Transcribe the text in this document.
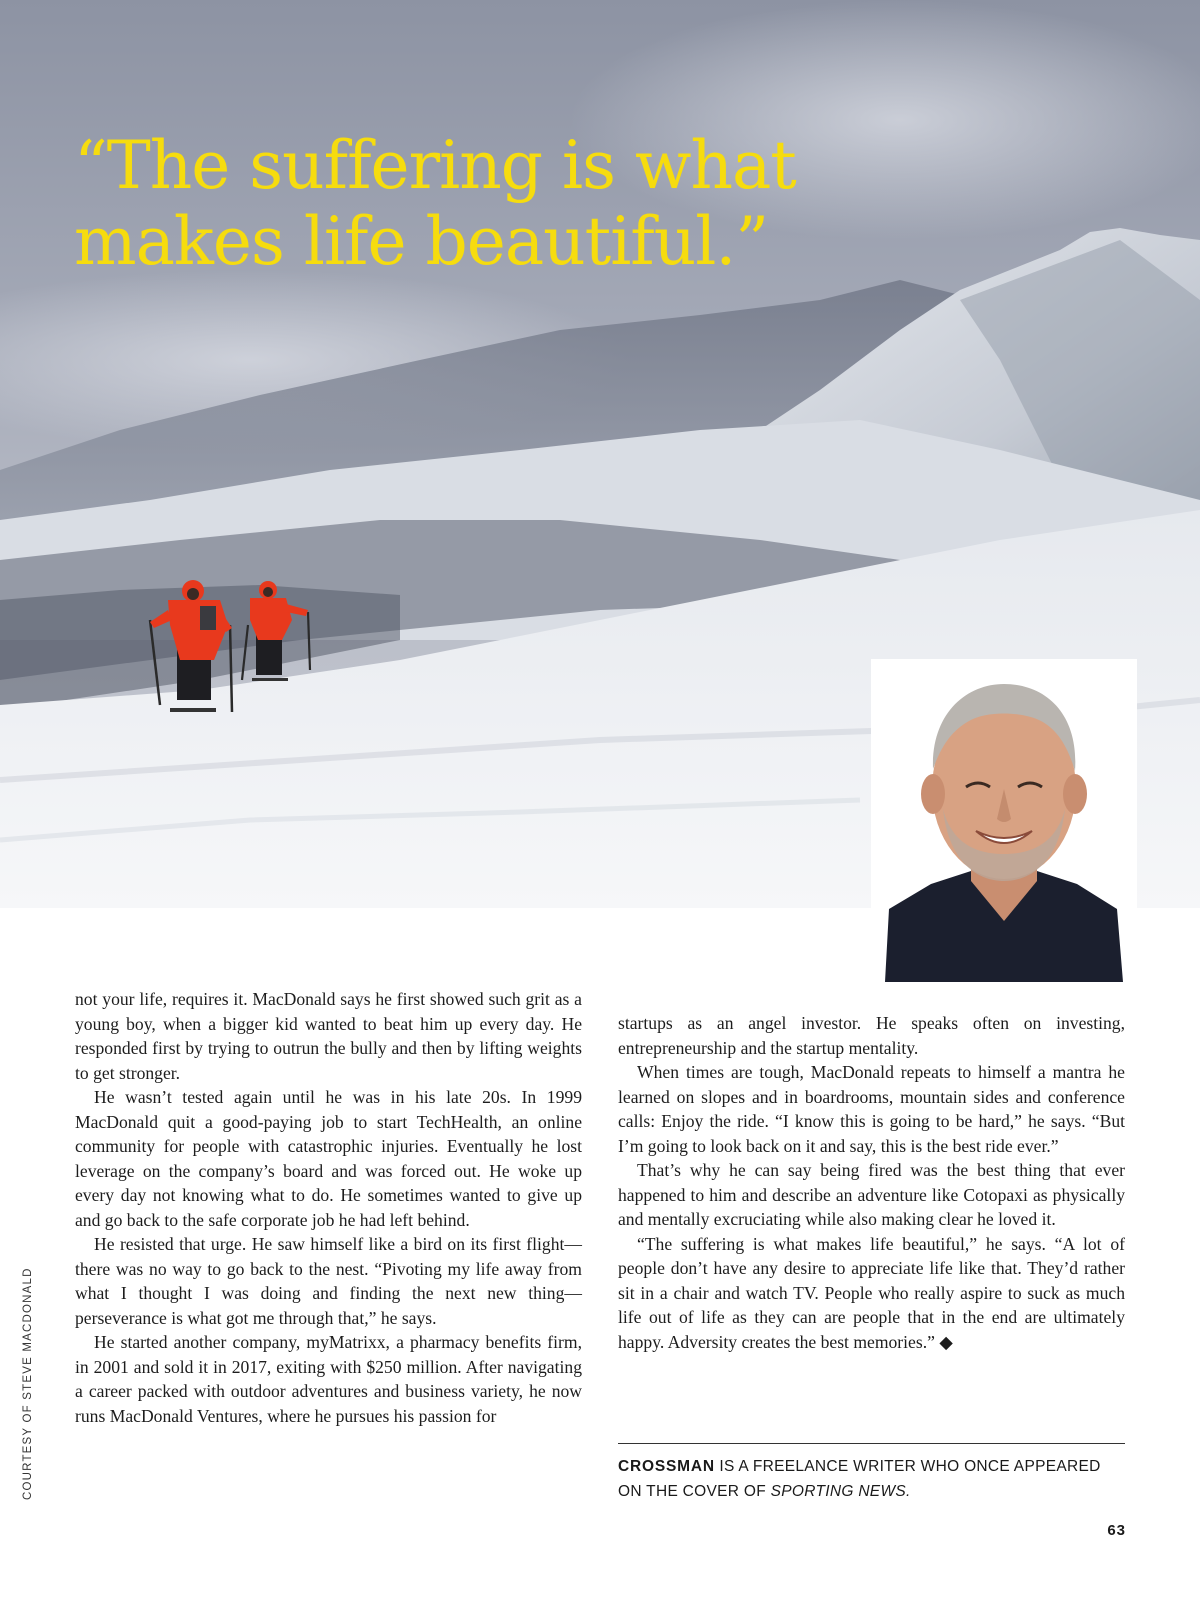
“The suffering is what makes life beautiful.”

not your life, requires it. MacDonald says he first showed such grit as a young boy, when a bigger kid wanted to beat him up every day. He responded first by trying to outrun the bully and then by lifting weights to get stronger.

He wasn’t tested again until he was in his late 20s. In 1999 MacDonald quit a good-paying job to start TechHealth, an online community for people with catastrophic injuries. Eventually he lost leverage on the company’s board and was forced out. He woke up every day not knowing what to do. He sometimes wanted to give up and go back to the safe corporate job he had left behind.

He resisted that urge. He saw himself like a bird on its first flight—there was no way to go back to the nest. “Pivoting my life away from what I thought I was doing and finding the next new thing—perseverance is what got me through that,” he says.

He started another company, myMatrixx, a pharmacy benefits firm, in 2001 and sold it in 2017, exiting with $250 million. After navigating a career packed with outdoor adventures and business variety, he now runs MacDonald Ventures, where he pursues his passion for

startups as an angel investor. He speaks often on investing, entrepreneurship and the startup mentality.

When times are tough, MacDonald repeats to himself a mantra he learned on slopes and in boardrooms, mountain sides and conference calls: Enjoy the ride. “I know this is going to be hard,” he says. “But I’m going to look back on it and say, this is the best ride ever.”

That’s why he can say being fired was the best thing that ever happened to him and describe an adventure like Cotopaxi as physically and mentally excruciating while also making clear he loved it.

“The suffering is what makes life beautiful,” he says. “A lot of people don’t have any desire to appreciate life like that. They’d rather sit in a chair and watch TV. People who really aspire to suck as much life out of life as they can are people that in the end are ultimately happy. Adversity creates the best memories.” ◆

CROSSMAN IS A FREELANCE WRITER WHO ONCE APPEARED ON THE COVER OF SPORTING NEWS.

COURTESY OF STEVE MACDONALD
63
